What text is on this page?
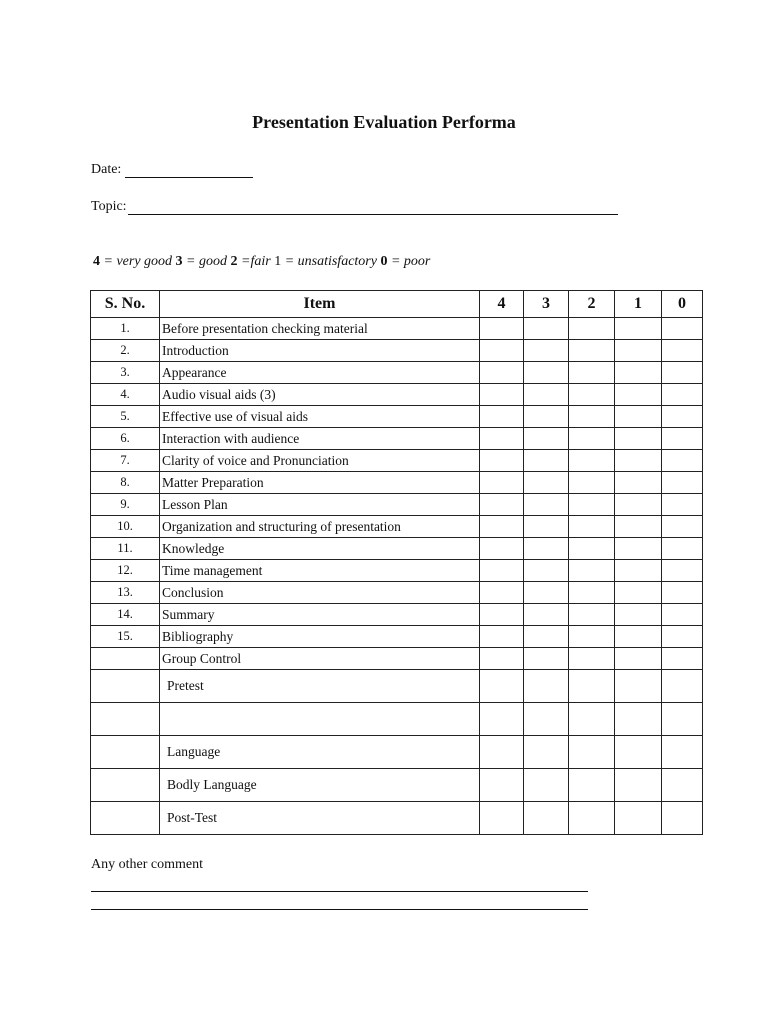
Presentation Evaluation Performa
Date:
Topic:
4 = very good 3 = good 2 =fair 1 = unsatisfactory 0 = poor
S. No.	Item	4	3	2	1	0
1.	Before presentation checking material					
2.	Introduction					
3.	Appearance					
4.	Audio visual aids (3)					
5.	Effective use of visual aids					
6.	Interaction with audience					
7.	Clarity of voice and Pronunciation					
8.	Matter Preparation					
9.	Lesson Plan					
10.	Organization and structuring of presentation					
11.	Knowledge					
12.	Time management					
13.	Conclusion					
14.	Summary					
15.	Bibliography					
	Group Control					
	Pretest					

	Language					
	Bodly Language					
	Post-Test					
Any other comment
